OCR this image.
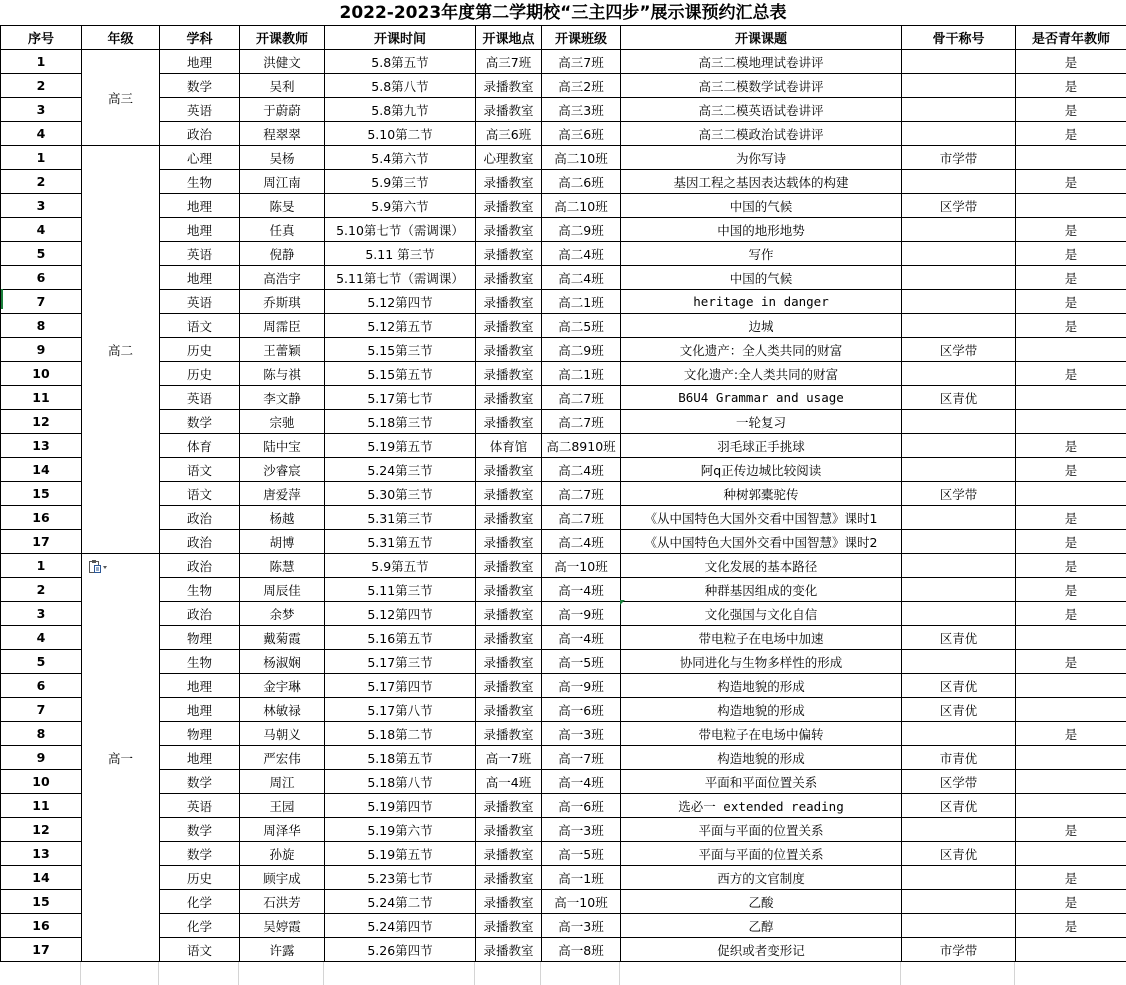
2022-2023年度第二学期校“三主四步”展示课预约汇总表
序号	年级	学科	开课教师	开课时间	开课地点	开课班级	开课课题	骨干称号	是否青年教师
1	高三	地理	洪健文	5.8第五节	高三7班	高三7班	高三二模地理试卷讲评		是
2		数学	吴利	5.8第八节	录播教室	高三2班	高三二模数学试卷讲评		是
3		英语	于蔚蔚	5.8第九节	录播教室	高三3班	高三二模英语试卷讲评		是
4		政治	程翠翠	5.10第二节	高三6班	高三6班	高三二模政治试卷讲评		是
1	高二	心理	吴杨	5.4第六节	心理教室	高二10班	为你写诗	市学带	
2		生物	周江南	5.9第三节	录播教室	高二6班	基因工程之基因表达载体的构建		是
3		地理	陈旻	5.9第六节	录播教室	高二10班	中国的气候	区学带	
4		地理	任真	5.10第七节（需调课）	录播教室	高二9班	中国的地形地势		是
5		英语	倪静	5.11 第三节	录播教室	高二4班	写作		是
6		地理	高浩宇	5.11第七节（需调课）	录播教室	高二4班	中国的气候		是
7		英语	乔斯琪	5.12第四节	录播教室	高二1班	heritage in danger		是
8		语文	周霈臣	5.12第五节	录播教室	高二5班	边城		是
9		历史	王蕾颖	5.15第三节	录播教室	高二9班	文化遗产：全人类共同的财富	区学带	
10		历史	陈与祺	5.15第五节	录播教室	高二1班	文化遗产:全人类共同的财富		是
11		英语	李文静	5.17第七节	录播教室	高二7班	B6U4 Grammar and usage	区青优	
12		数学	宗驰	5.18第三节	录播教室	高二7班	一轮复习		
13		体育	陆中宝	5.19第五节	体育馆	高二8910班	羽毛球正手挑球		是
14		语文	沙睿宸	5.24第三节	录播教室	高二4班	阿q正传边城比较阅读		是
15		语文	唐爱萍	5.30第三节	录播教室	高二7班	种树郭橐驼传	区学带	
16		政治	杨越	5.31第三节	录播教室	高二7班	《从中国特色大国外交看中国智慧》课时1		是
17		政治	胡博	5.31第五节	录播教室	高二4班	《从中国特色大国外交看中国智慧》课时2		是
1	高一	政治	陈慧	5.9第五节	录播教室	高一10班	文化发展的基本路径		是
2		生物	周辰佳	5.11第三节	录播教室	高一4班	种群基因组成的变化		是
3		政治	余梦	5.12第四节	录播教室	高一9班	文化强国与文化自信		是
4		物理	戴菊霞	5.16第五节	录播教室	高一4班	带电粒子在电场中加速	区青优	
5		生物	杨淑娴	5.17第三节	录播教室	高一5班	协同进化与生物多样性的形成		是
6		地理	金宇琳	5.17第四节	录播教室	高一9班	构造地貌的形成	区青优	
7		地理	林敏禄	5.17第八节	录播教室	高一6班	构造地貌的形成	区青优	
8		物理	马朝义	5.18第二节	录播教室	高一3班	带电粒子在电场中偏转		是
9		地理	严宏伟	5.18第五节	高一7班	高一7班	构造地貌的形成	市青优	
10		数学	周江	5.18第八节	高一4班	高一4班	平面和平面位置关系	区学带	
11		英语	王园	5.19第四节	录播教室	高一6班	选必一 extended reading	区青优	
12		数学	周泽华	5.19第六节	录播教室	高一3班	平面与平面的位置关系		是
13		数学	孙旋	5.19第五节	录播教室	高一5班	平面与平面的位置关系	区青优	
14		历史	顾宇成	5.23第七节	录播教室	高一1班	西方的文官制度		是
15		化学	石洪芳	5.24第二节	录播教室	高一10班	乙酸		是
16		化学	吴婷霞	5.24第四节	录播教室	高一3班	乙醇		是
17		语文	许露	5.26第四节	录播教室	高一8班	促织或者变形记	市学带	
